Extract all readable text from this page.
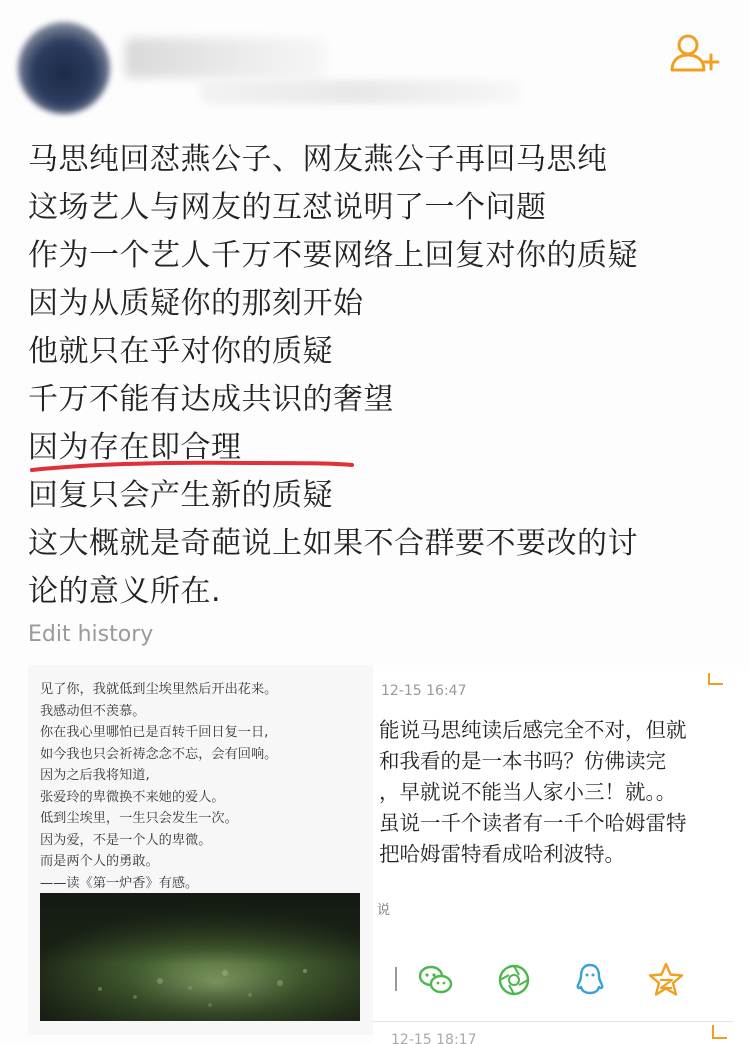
马思纯回怼燕公子、网友燕公子再回马思纯
这场艺人与网友的互怼说明了一个问题
作为一个艺人千万不要网络上回复对你的质疑
因为从质疑你的那刻开始
他就只在乎对你的质疑
千万不能有达成共识的奢望
因为存在即合理
回复只会产生新的质疑
这大概就是奇葩说上如果不合群要不要改的讨
论的意义所在.
Edit history
见了你，我就低到尘埃里然后开出花来。
我感动但不羡慕。
你在我心里哪怕已是百转千回日复一日,
如今我也只会祈祷念念不忘，会有回响。
因为之后我将知道,
张爱玲的卑微换不来她的爱人。
低到尘埃里，一生只会发生一次。
因为爱，不是一个人的卑微。
而是两个人的勇敢。
——读《第一炉香》有感。
12-15 16:47
能说马思纯读后感完全不对，但就
和我看的是一本书吗？仿佛读完
，早就说不能当人家小三！就。。
虽说一千个读者有一千个哈姆雷特
把哈姆雷特看成哈利波特。
说
12-15 18:17
